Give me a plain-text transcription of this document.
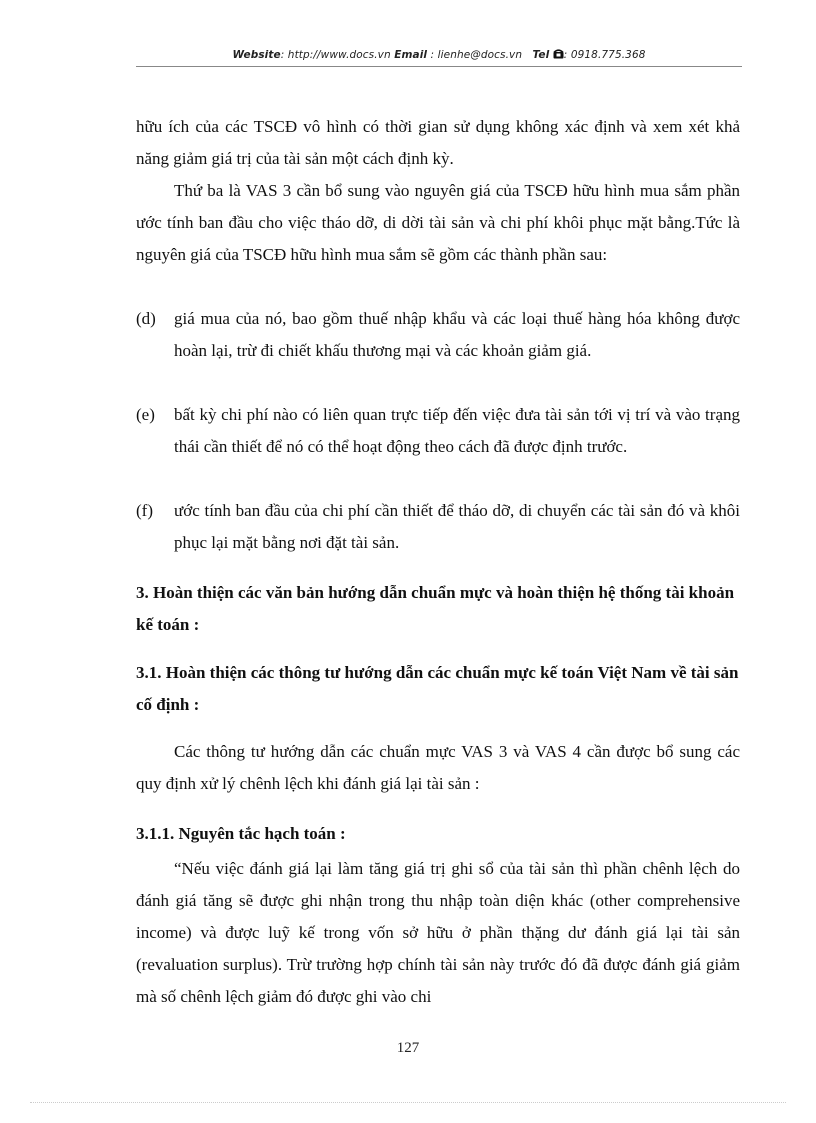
Website: http://www.docs.vn Email : lienhe@docs.vn Tel : 0918.775.368

hữu ích của các TSCĐ vô hình có thời gian sử dụng không xác định và xem xét khả năng giảm giá trị của tài sản một cách định kỳ.

Thứ ba là VAS 3 cần bổ sung vào nguyên giá của TSCĐ hữu hình mua sắm phần ước tính ban đầu cho việc tháo dỡ, di dời tài sản và chi phí khôi phục mặt bằng.Tức là nguyên giá của TSCĐ hữu hình mua sắm sẽ gồm các thành phần sau:

(d) giá mua của nó, bao gồm thuế nhập khẩu và các loại thuế hàng hóa không được hoàn lại, trừ đi chiết khấu thương mại và các khoản giảm giá.
(e) bất kỳ chi phí nào có liên quan trực tiếp đến việc đưa tài sản tới vị trí và vào trạng thái cần thiết để nó có thể hoạt động theo cách đã được định trước.
(f) ước tính ban đầu của chi phí cần thiết để tháo dỡ, di chuyển các tài sản đó và khôi phục lại mặt bằng nơi đặt tài sản.

3. Hoàn thiện các văn bản hướng dẫn chuẩn mực và hoàn thiện hệ thống tài khoản kế toán :

3.1. Hoàn thiện các thông tư hướng dẫn các chuẩn mực kế toán Việt Nam về tài sản cố định :

Các thông tư hướng dẫn các chuẩn mực VAS 3 và VAS 4 cần được bổ sung các quy định xử lý chênh lệch khi đánh giá lại tài sản :

3.1.1. Nguyên tắc hạch toán :

“Nếu việc đánh giá lại làm tăng giá trị ghi sổ của tài sản thì phần chênh lệch do đánh giá tăng sẽ được ghi nhận trong thu nhập toàn diện khác (other comprehensive income) và được luỹ kế trong vốn sở hữu ở phần thặng dư đánh giá lại tài sản (revaluation surplus). Trừ trường hợp chính tài sản này trước đó đã được đánh giá giảm mà số chênh lệch giảm đó được ghi vào chi

127
